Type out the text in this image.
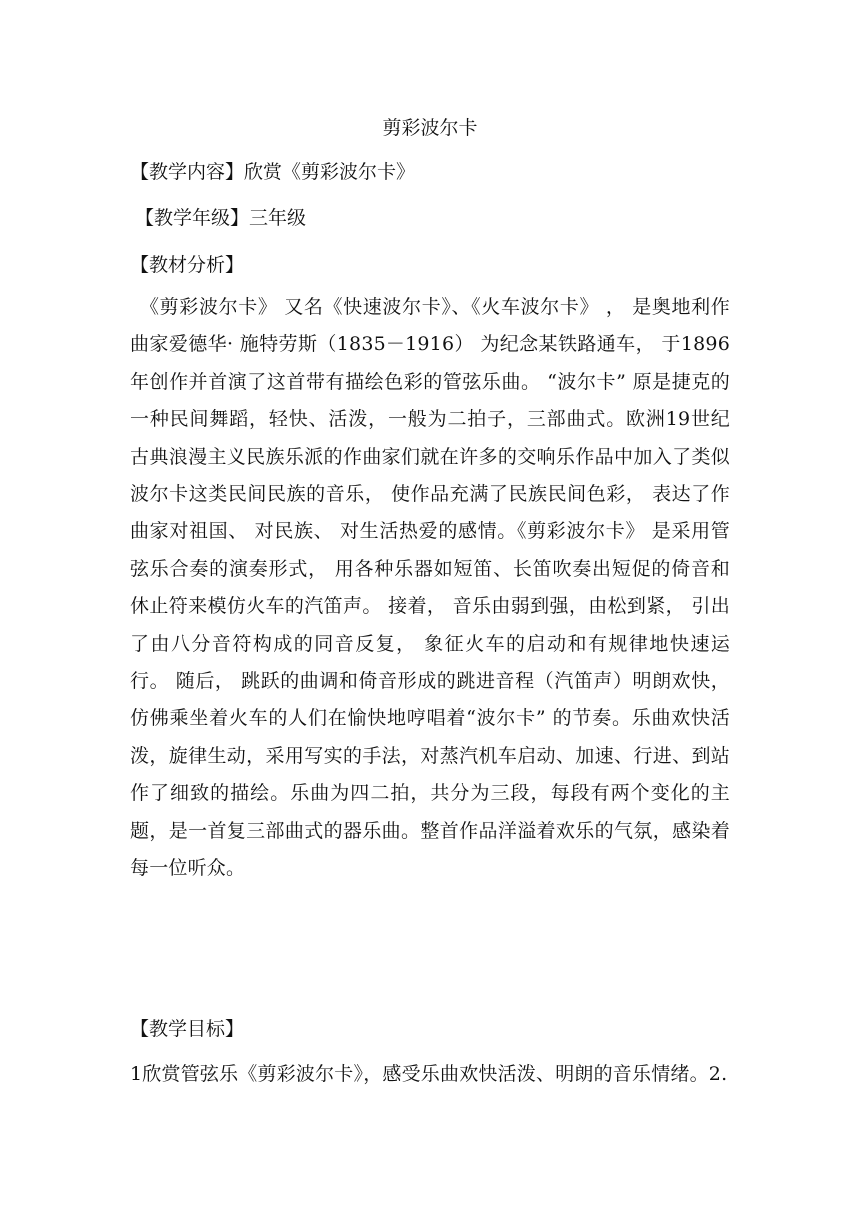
剪彩波尔卡
【教学内容】欣赏《剪彩波尔卡》
【教学年级】三年级
【教材分析】
《剪彩波尔卡》 又名《快速波尔卡》、《火车波尔卡》 ， 是奥地利作曲家爱德华· 施特劳斯（1835－1916） 为纪念某铁路通车， 于1896年创作并首演了这首带有描绘色彩的管弦乐曲。 “波尔卡” 原是捷克的一种民间舞蹈，轻快、活泼，一般为二拍子，三部曲式。欧洲19世纪古典浪漫主义民族乐派的作曲家们就在许多的交响乐作品中加入了类似波尔卡这类民间民族的音乐， 使作品充满了民族民间色彩， 表达了作曲家对祖国、 对民族、 对生活热爱的感情。《剪彩波尔卡》 是采用管弦乐合奏的演奏形式， 用各种乐器如短笛、长笛吹奏出短促的倚音和休止符来模仿火车的汽笛声。 接着， 音乐由弱到强，由松到紧， 引出了由八分音符构成的同音反复， 象征火车的启动和有规律地快速运行。 随后， 跳跃的曲调和倚音形成的跳进音程（汽笛声）明朗欢快，仿佛乘坐着火车的人们在愉快地哼唱着“波尔卡” 的节奏。乐曲欢快活泼，旋律生动，采用写实的手法，对蒸汽机车启动、加速、行进、到站作了细致的描绘。乐曲为四二拍，共分为三段，每段有两个变化的主题，是一首复三部曲式的器乐曲。整首作品洋溢着欢乐的气氛，感染着每一位听众。
【教学目标】
1欣赏管弦乐《剪彩波尔卡》，感受乐曲欢快活泼、明朗的音乐情绪。2.
